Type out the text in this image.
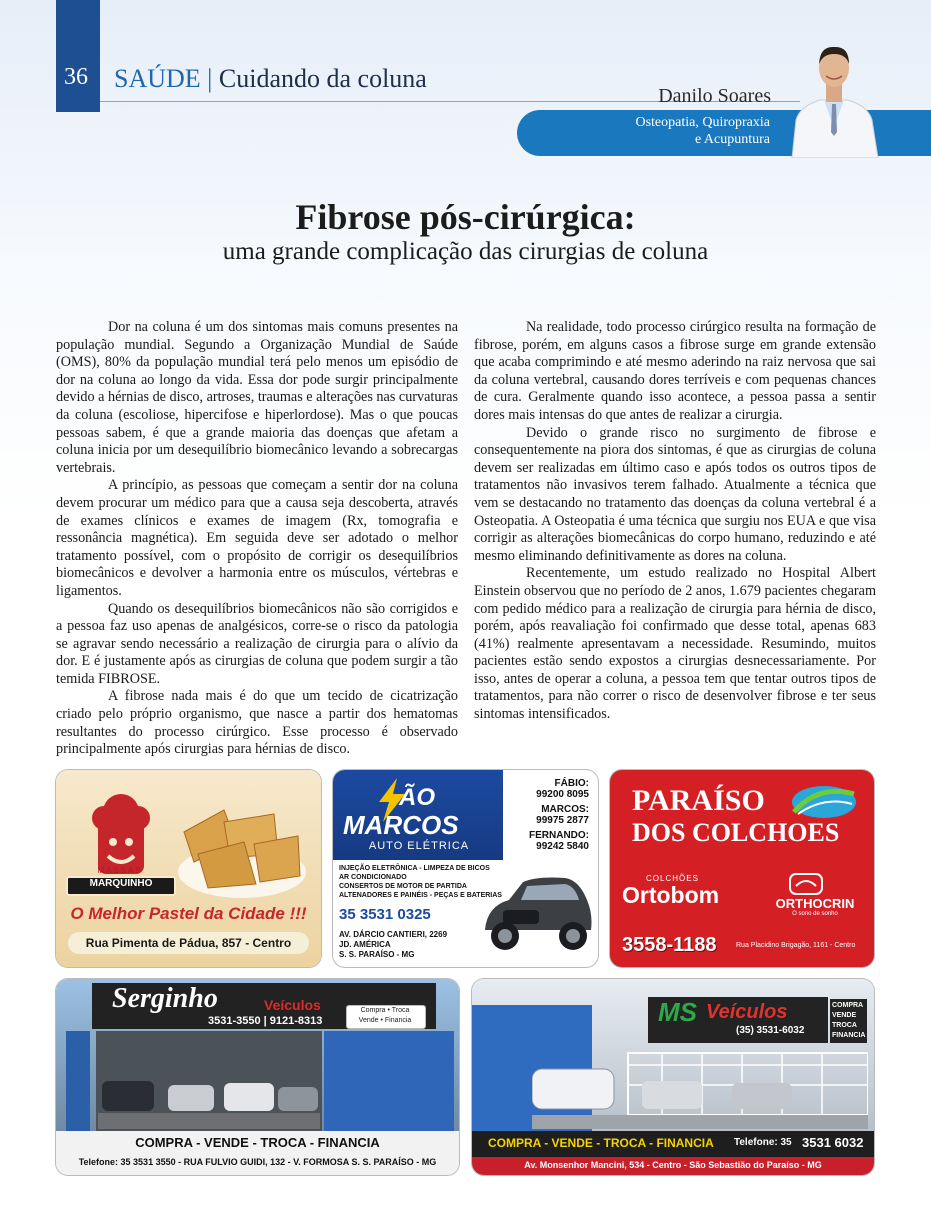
36 SAÚDE | Cuidando da coluna
Danilo Soares
Osteopatia, Quiropraxia
e Acupuntura
Fibrose pós-cirúrgica:
uma grande complicação das cirurgias de coluna

Dor na coluna é um dos sintomas mais comuns presentes na população mundial. Segundo a Organização Mundial de Saúde (OMS), 80% da população mundial terá pelo menos um episódio de dor na coluna ao longo da vida. Essa dor pode surgir principalmente devido a hérnias de disco, artroses, traumas e alterações nas curvaturas da coluna (escoliose, hipercifose e hiperlordose). Mas o que poucas pessoas sabem, é que a grande maioria das doenças que afetam a coluna inicia por um desequilíbrio biomecânico levando a sobrecargas vertebrais.

A princípio, as pessoas que começam a sentir dor na coluna devem procurar um médico para que a causa seja descoberta, através de exames clínicos e exames de imagem (Rx, tomografia e ressonância magnética). Em seguida deve ser adotado o melhor tratamento possível, com o propósito de corrigir os desequilíbrios biomecânicos e devolver a harmonia entre os músculos, vértebras e ligamentos.

Quando os desequilíbrios biomecânicos não são corrigidos e a pessoa faz uso apenas de analgésicos, corre-se o risco da patologia se agravar sendo necessário a realização de cirurgia para o alívio da dor. E é justamente após as cirurgias de coluna que podem surgir a tão temida FIBROSE.

A fibrose nada mais é do que um tecido de cicatrização criado pelo próprio organismo, que nasce a partir dos hematomas resultantes do processo cirúrgico. Esse processo é observado principalmente após cirurgias para hérnias de disco.

Na realidade, todo processo cirúrgico resulta na formação de fibrose, porém, em alguns casos a fibrose surge em grande extensão que acaba comprimindo e até mesmo aderindo na raiz nervosa que sai da coluna vertebral, causando dores terríveis e com pequenas chances de cura. Geralmente quando isso acontece, a pessoa passa a sentir dores mais intensas do que antes de realizar a cirurgia.

Devido o grande risco no surgimento de fibrose e consequentemente na piora dos sintomas, é que as cirurgias de coluna devem ser realizadas em último caso e após todos os outros tipos de tratamentos não invasivos terem falhado. Atualmente a técnica que vem se destacando no tratamento das doenças da coluna vertebral é a Osteopatia. A Osteopatia é uma técnica que surgiu nos EUA e que visa corrigir as alterações biomecânicas do corpo humano, reduzindo e até mesmo eliminando definitivamente as dores na coluna.

Recentemente, um estudo realizado no Hospital Albert Einstein observou que no período de 2 anos, 1.679 pacientes chegaram com pedido médico para a realização de cirurgia para hérnia de disco, porém, após reavaliação foi confirmado que desse total, apenas 683 (41%) realmente apresentavam a necessidade. Resumindo, muitos pacientes estão sendo expostos a cirurgias desnecessariamente. Por isso, antes de operar a coluna, a pessoa tem que tentar outros tipos de tratamentos, para não correr o risco de desenvolver fibrose e ter seus sintomas intensificados.

MASSAS
MARQUINHO
O Melhor Pastel da Cidade !!!
Rua Pimenta de Pádua, 857 - Centro
ÃO
MARCOS
AUTO ELÉTRICA
FÁBIO:
99200 8095
MARCOS:
99975 2877
FERNANDO:
99242 5840
INJEÇÃO ELETRÔNICA - LIMPEZA DE BICOS
AR CONDICIONADO
CONSERTOS DE MOTOR DE PARTIDA
ALTENADORES E PAINÉIS - PEÇAS E BATERIAS
35 3531 0325
AV. DÁRCIO CANTIERI, 2269
JD. AMÉRICA
S. S. PARAÍSO - MG
PARAÍSO
DOS COLCHOES
COLCHÕES
Ortobom	ORTHOCRIN
O sono de sonho
3558-1188	Rua Placidino Brigagão, 1161 - Centro
Serginho	Veículos
3531-3550 | 9121-8313
Compra • Troca
Vende • Financia
COMPRA - VENDE - TROCA - FINANCIA
Telefone: 35 3531 3550 - RUA FULVIO GUIDI, 132 - V. FORMOSA S. S. PARAÍSO - MG
MS Veículos
(35) 3531-6032
COMPRA
VENDE
TROCA
FINANCIA
COMPRA - VENDE - TROCA - FINANCIA Telefone: 35 3531 6032
Av. Monsenhor Mancini, 534 - Centro - São Sebastião do Paraíso - MG
